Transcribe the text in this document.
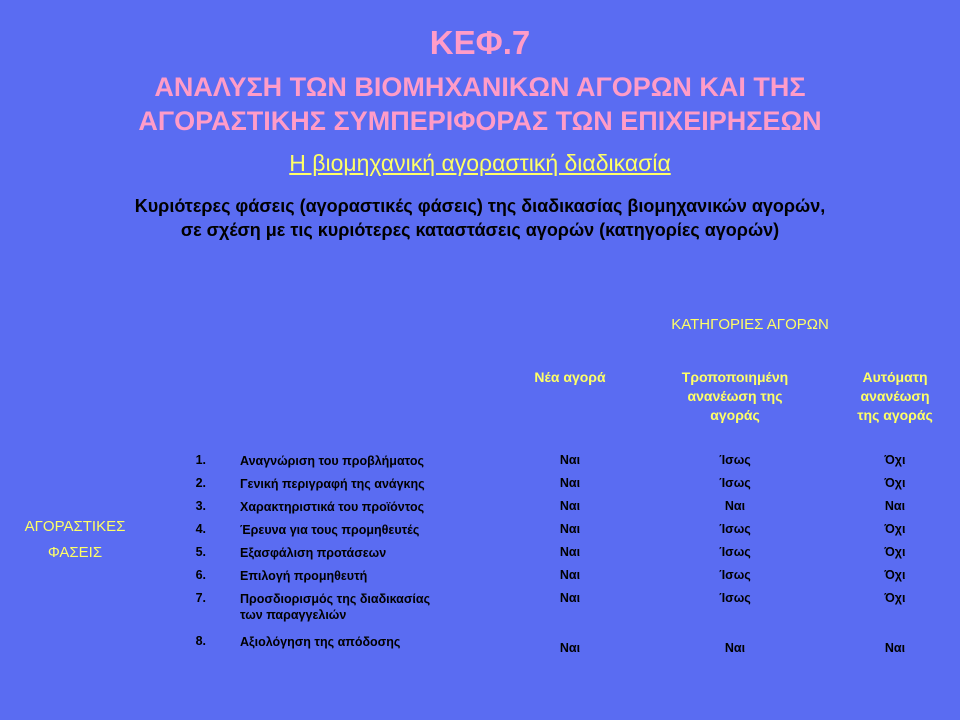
ΚΕΦ.7
ΑΝΑΛΥΣΗ ΤΩΝ ΒΙΟΜΗΧΑΝΙΚΩΝ ΑΓΟΡΩΝ ΚΑΙ ΤΗΣ
ΑΓΟΡΑΣΤΙΚΗΣ ΣΥΜΠΕΡΙΦΟΡΑΣ ΤΩΝ ΕΠΙΧΕΙΡΗΣΕΩΝ
Η βιομηχανική αγοραστική διαδικασία
Κυριότερες φάσεις (αγοραστικές φάσεις) της διαδικασίας βιομηχανικών αγορών,
σε σχέση με τις κυριότερες καταστάσεις αγορών (κατηγορίες αγορών)
ΚΑΤΗΓΟΡΙΕΣ ΑΓΟΡΩΝ
Νέα αγορά	Τροποποιημένη
ανανέωση της
αγοράς
Αυτόματη
ανανέωση
της αγοράς
ΑΓΟΡΑΣΤΙΚΕΣ
ΦΑΣΕΙΣ
1.	Αναγνώριση του προβλήματος	Ναι	Ίσως	Όχι
2.	Γενική περιγραφή της ανάγκης	Ναι	Ίσως	Όχι
3.	Χαρακτηριστικά του προϊόντος	Ναι	Ναι	Ναι
4.	Έρευνα για τους προμηθευτές	Ναι	Ίσως	Όχι
5.	Εξασφάλιση προτάσεων	Ναι	Ίσως	Όχι
6.	Επιλογή προμηθευτή	Ναι	Ίσως	Όχι
7.	Προσδιορισμός της διαδικασίας
των παραγγελιών
Ναι	Ίσως	Όχι
8.	Αξιολόγηση της απόδοσης	Ναι	Ναι	Ναι
